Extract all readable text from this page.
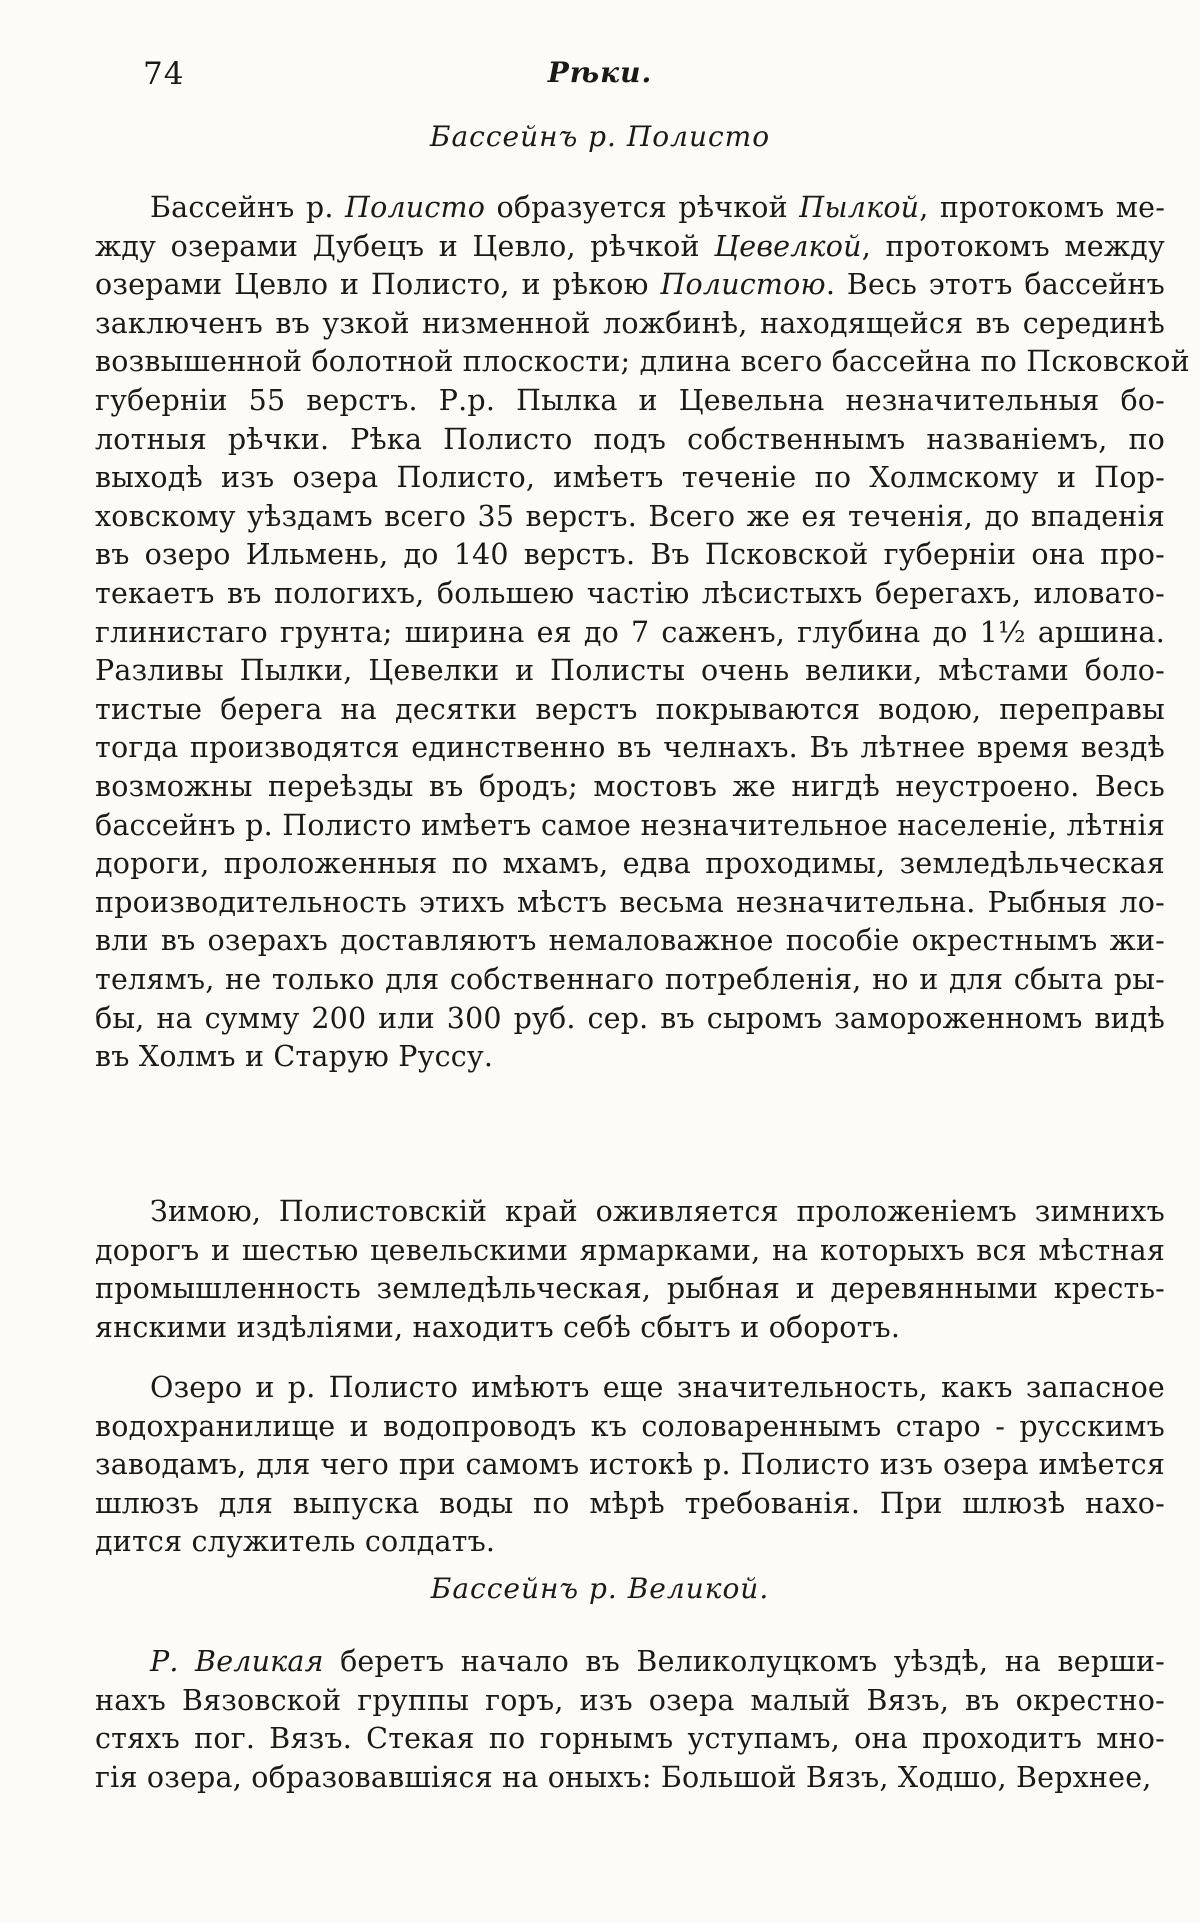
74	Рѣки.
Бассейнъ р. Полисто
Бассейнъ р. Полисто образуется рѣчкой Пылкой, протокомъ ме-
жду озерами Дубецъ и Цевло, рѣчкой Цевелкой, протокомъ между
озерами Цевло и Полисто, и рѣкою Полистою. Весь этотъ бассейнъ
заключенъ въ узкой низменной ложбинѣ, находящейся въ серединѣ
возвышенной болотной плоскости; длина всего бассейна по Псковской
губерніи 55 верстъ. Р.р. Пылка и Цевельна незначительныя бо-
лотныя рѣчки. Рѣка Полисто подъ собственнымъ названіемъ, по
выходѣ изъ озера Полисто, имѣетъ теченіе по Холмскому и Пор-
ховскому уѣздамъ всего 35 верстъ. Всего же ея теченія, до впаденія
въ озеро Ильмень, до 140 верстъ. Въ Псковской губерніи она про-
текаетъ въ пологихъ, большею частію лѣсистыхъ берегахъ, иловато-
глинистаго грунта; ширина ея до 7 саженъ, глубина до 1½ аршина.
Разливы Пылки, Цевелки и Полисты очень велики, мѣстами боло-
тистые берега на десятки верстъ покрываются водою, переправы
тогда производятся единственно въ челнахъ. Въ лѣтнее время вездѣ
возможны переѣзды въ бродъ; мостовъ же нигдѣ неустроено. Весь
бассейнъ р. Полисто имѣетъ самое незначительное населеніе, лѣтнія
дороги, проложенныя по мхамъ, едва проходимы, земледѣльческая
производительность этихъ мѣстъ весьма незначительна. Рыбныя ло-
вли въ озерахъ доставляютъ немаловажное пособіе окрестнымъ жи-
телямъ, не только для собственнаго потребленія, но и для сбыта ры-
бы, на сумму 200 или 300 руб. сер. въ сыромъ замороженномъ видѣ
въ Холмъ и Старую Руссу.
Зимою, Полистовскій край оживляется проложеніемъ зимнихъ
дорогъ и шестью цевельскими ярмарками, на которыхъ вся мѣстная
промышленность земледѣльческая, рыбная и деревянными кресть-
янскими издѣліями, находитъ себѣ сбытъ и оборотъ.
Озеро и р. Полисто имѣютъ еще значительность, какъ запасное
водохранилище и водопроводъ къ соловареннымъ старо - русскимъ
заводамъ, для чего при самомъ истокѣ р. Полисто изъ озера имѣется
шлюзъ для выпуска воды по мѣрѣ требованія. При шлюзѣ нахо-
дится служитель солдатъ.
Бассейнъ р. Великой.
Р. Великая беретъ начало въ Великолуцкомъ уѣздѣ, на верши-
нахъ Вязовской группы горъ, изъ озера малый Вязъ, въ окрестно-
стяхъ пог. Вязъ. Стекая по горнымъ уступамъ, она проходитъ мно-
гія озера, образовавшіяся на оныхъ: Большой Вязъ, Ходшо, Верхнее,
